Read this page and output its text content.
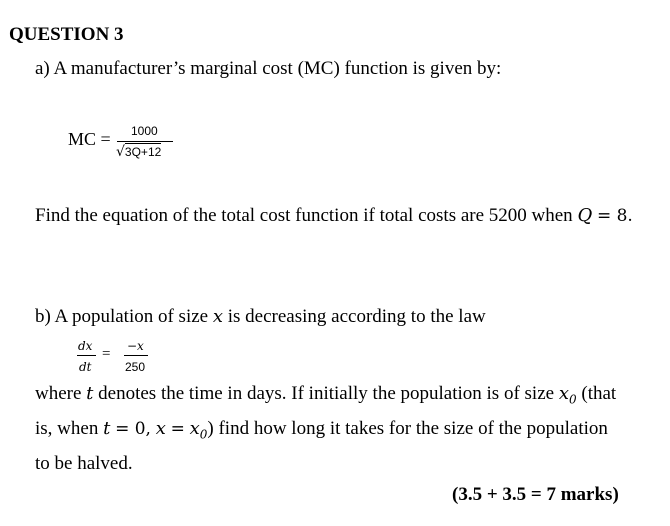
QUESTION 3
a) A manufacturer’s marginal cost (MC) function is given by:
MC = 1000
√3Q+12
Find the equation of the total cost function if total costs are 5200 when Q = 8.
b) A population of size x is decreasing according to the law
dx
dt
= −x
250
where t denotes the time in days. If initially the population is of size $x_0$ (that
is, when t = 0, $x = x_0$) find how long it takes for the size of the population
to be halved.
(3.5 + 3.5 = 7 marks)
